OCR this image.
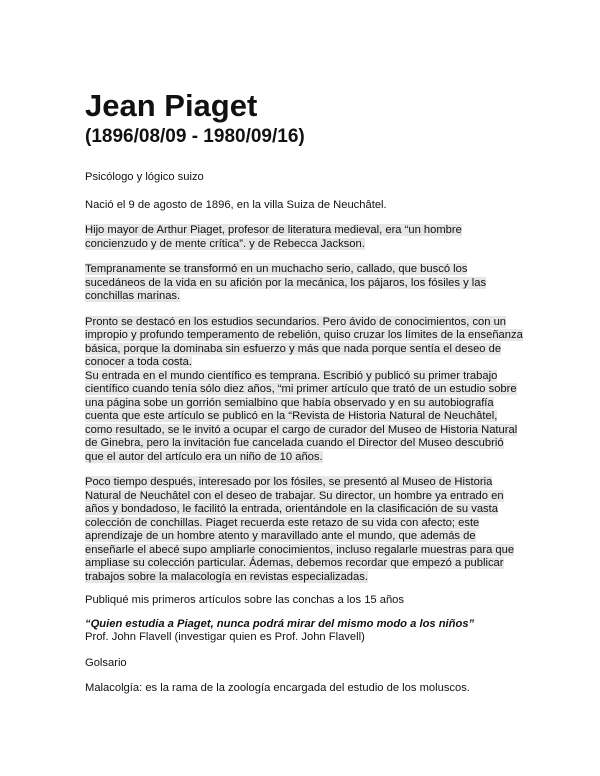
Jean Piaget
(1896/08/09 - 1980/09/16)

Psicólogo y lógico suizo

Nació el 9 de agosto de 1896, en la villa Suiza de Neuchâtel.

Hijo mayor de Arthur Piaget, profesor de literatura medieval, era “un hombre concienzudo y de mente crítica”. y de Rebecca Jackson.

Tempranamente se transformó en un muchacho serio, callado, que buscó los sucedáneos de la vida en su afición por la mecánica, los pájaros, los fósiles y las conchillas marinas.

Pronto se destacó en los estudios secundarios. Pero ávido de conocimientos, con un impropio y profundo temperamento de rebelión, quiso cruzar los límites de la enseñanza básica, porque la dominaba sin esfuerzo y más que nada porque sentía el deseo de conocer a toda costa.

Su entrada en el mundo científico es temprana. Escribió y publicó su primer trabajo científico cuando tenía sólo diez años, “mi primer artículo que trató de un estudio sobre una página sobe un gorrión semialbino que había observado y en su autobiografía cuenta que este artículo se publicó en la “Revista de Historia Natural de Neuchâtel, como resultado, se le invitó a ocupar el cargo de curador del Museo de Historia Natural de Ginebra, pero la invitación fue cancelada cuando el Director del Museo descubrió que el autor del artículo era un niño de 10 años.

Poco tiempo después, interesado por los fósiles, se presentó al Museo de Historia Natural de Neuchâtel con el deseo de trabajar. Su director, un hombre ya entrado en años y bondadoso, le facilitó la entrada, orientándole en la clasificación de su vasta colección de conchillas. Piaget recuerda este retazo de su vida con afecto; este aprendizaje de un hombre atento y maravillado ante el mundo, que además de enseñarle el abecé supo ampliarle conocimientos, incluso regalarle muestras para que ampliase su colección particular. Ádemas, debemos recordar que empezó a publicar trabajos sobre la malacología en revistas especializadas.

Publiqué mis primeros artículos sobre las conchas a los 15 años

“Quien estudia a Piaget, nunca podrá mirar del mismo modo a los niños”

Prof. John Flavell (investigar quien es Prof. John Flavell)

Golsario

Malacolgía: es la rama de la zoología encargada del estudio de los moluscos.
